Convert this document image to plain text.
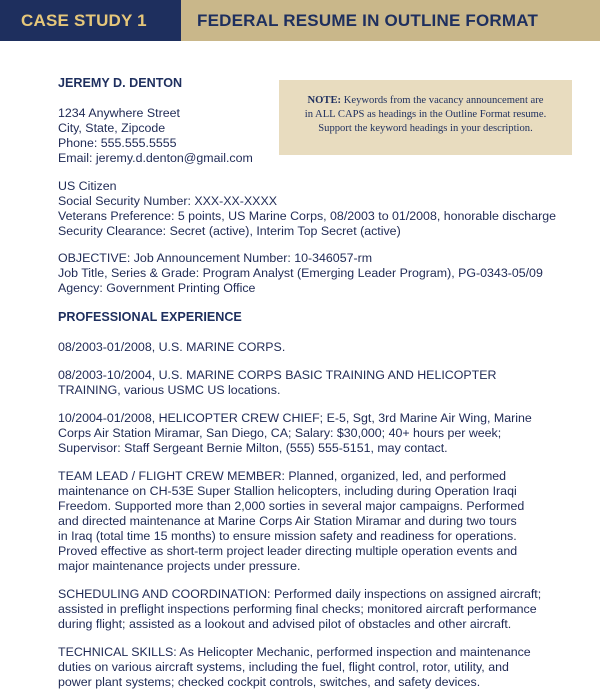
CASE STUDY 1	FEDERAL RESUME IN OUTLINE FORMAT
JEREMY D. DENTON
1234 Anywhere Street
City, State, Zipcode
Phone: 555.555.5555
Email: jeremy.d.denton@gmail.com
NOTE: Keywords from the vacancy announcement are
in ALL CAPS as headings in the Outline Format resume.
Support the keyword headings in your description.
US Citizen
Social Security Number: XXX-XX-XXXX
Veterans Preference: 5 points, US Marine Corps, 08/2003 to 01/2008, honorable discharge
Security Clearance: Secret (active), Interim Top Secret (active)
OBJECTIVE: Job Announcement Number: 10-346057-rm
Job Title, Series & Grade: Program Analyst (Emerging Leader Program), PG-0343-05/09
Agency: Government Printing Office
PROFESSIONAL EXPERIENCE
08/2003-01/2008, U.S. MARINE CORPS.
08/2003-10/2004, U.S. MARINE CORPS BASIC TRAINING AND HELICOPTER
TRAINING, various USMC US locations.
10/2004-01/2008, HELICOPTER CREW CHIEF; E-5, Sgt, 3rd Marine Air Wing, Marine
Corps Air Station Miramar, San Diego, CA; Salary: $30,000; 40+ hours per week;
Supervisor: Staff Sergeant Bernie Milton, (555) 555-5151, may contact.
TEAM LEAD / FLIGHT CREW MEMBER: Planned, organized, led, and performed
maintenance on CH-53E Super Stallion helicopters, including during Operation Iraqi
Freedom. Supported more than 2,000 sorties in several major campaigns. Performed
and directed maintenance at Marine Corps Air Station Miramar and during two tours
in Iraq (total time 15 months) to ensure mission safety and readiness for operations.
Proved effective as short-term project leader directing multiple operation events and
major maintenance projects under pressure.
SCHEDULING AND COORDINATION: Performed daily inspections on assigned aircraft;
assisted in preflight inspections performing final checks; monitored aircraft performance
during flight; assisted as a lookout and advised pilot of obstacles and other aircraft.
TECHNICAL SKILLS: As Helicopter Mechanic, performed inspection and maintenance
duties on various aircraft systems, including the fuel, flight control, rotor, utility, and
power plant systems; checked cockpit controls, switches, and safety devices.
